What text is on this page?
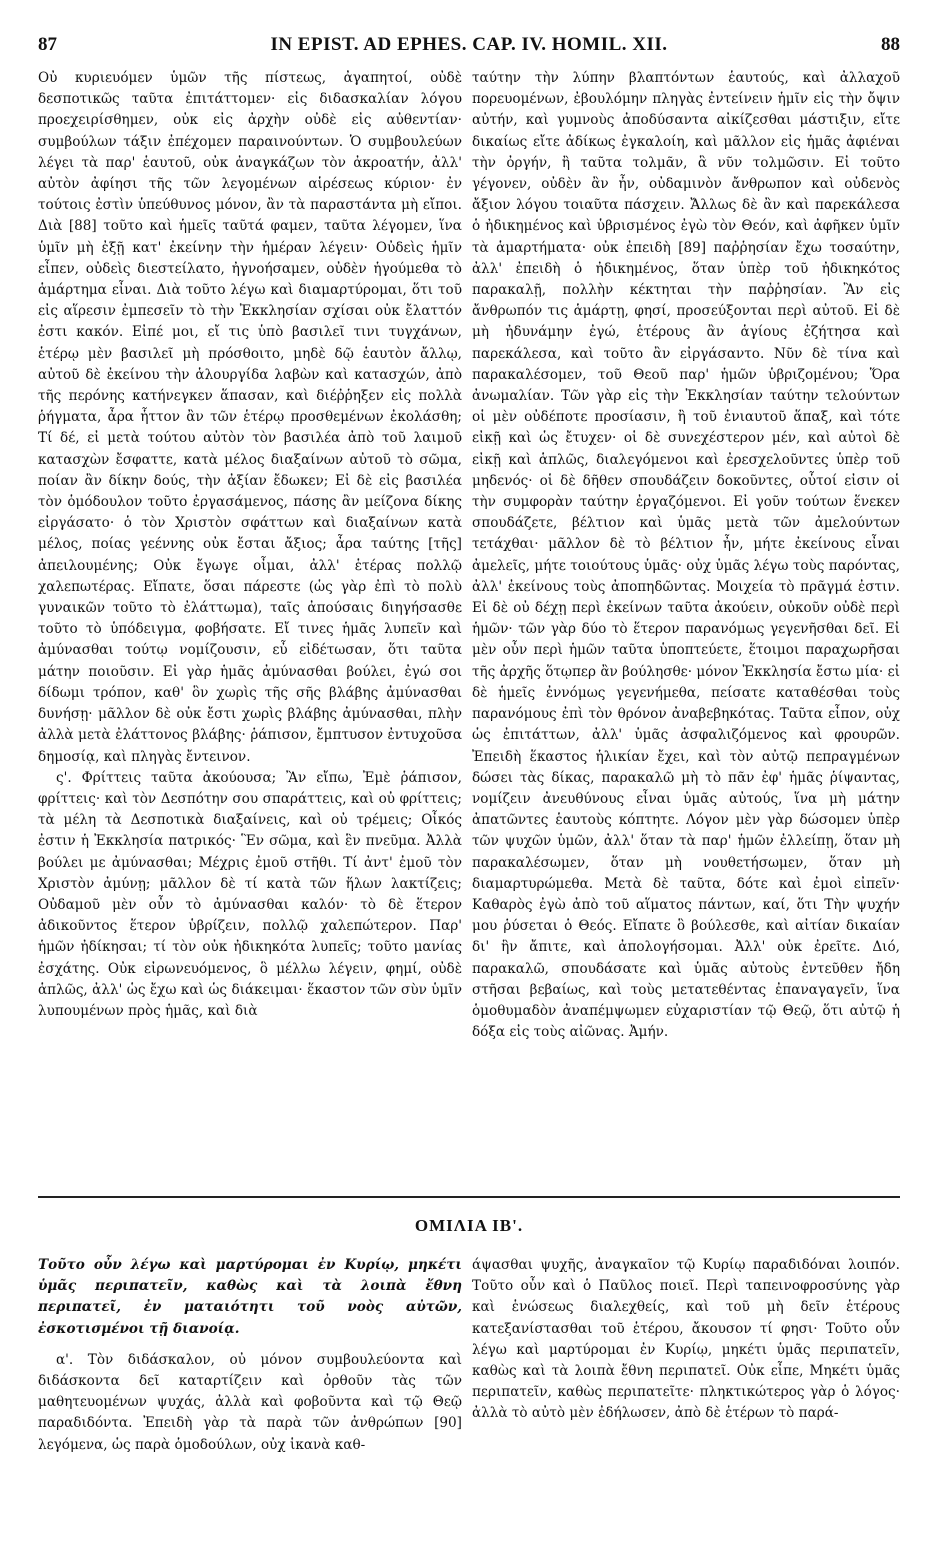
87	IN EPIST. AD EPHES. CAP. IV. HOMIL. XII.	88

Οὐ κυριευόμεν ὑμῶν τῆς πίστεως, ἀγαπητοί, οὐδὲ δεσποτικῶς ταῦτα ἐπιτάττομεν· εἰς διδασκαλίαν λόγου προεχειρίσθημεν, οὐκ εἰς ἀρχὴν οὐδὲ εἰς αὐθεντίαν· συμβούλων τάξιν ἐπέχομεν παραινούντων. Ὁ συμβουλεύων λέγει τὰ παρ' ἑαυτοῦ, οὐκ ἀναγκάζων τὸν ἀκροατήν, ἀλλ' αὐτὸν ἀφίησι τῆς τῶν λεγομένων αἱρέσεως κύριον· ἐν τούτοις ἐστὶν ὑπεύθυνος μόνον, ἂν τὰ παραστάντα μὴ εἴποι. Διὰ [88] τοῦτο καὶ ἡμεῖς ταῦτά φαμεν, ταῦτα λέγομεν, ἵνα ὑμῖν μὴ ἐξῇ κατ' ἐκείνην τὴν ἡμέραν λέγειν· Οὐδεὶς ἡμῖν εἶπεν, οὐδεὶς διεστείλατο, ἠγνοήσαμεν, οὐδὲν ἡγούμεθα τὸ ἁμάρτημα εἶναι. Διὰ τοῦτο λέγω καὶ διαμαρτύρομαι, ὅτι τοῦ εἰς αἵρεσιν ἐμπεσεῖν τὸ τὴν Ἐκκλησίαν σχίσαι οὐκ ἔλαττόν ἐστι κακόν. Εἰπέ μοι, εἴ τις ὑπὸ βασιλεῖ τινι τυγχάνων, ἑτέρῳ μὲν βασιλεῖ μὴ πρόσθοιτο, μηδὲ δῷ ἑαυτὸν ἄλλῳ, αὐτοῦ δὲ ἐκείνου τὴν ἁλουργίδα λαβὼν καὶ κατασχών, ἀπὸ τῆς περόνης κατήνεγκεν ἅπασαν, καὶ διέῤῥηξεν εἰς πολλὰ ῥήγματα, ἆρα ἧττον ἂν τῶν ἑτέρῳ προσθεμένων ἐκολάσθη; Τί δέ, εἰ μετὰ τούτου αὐτὸν τὸν βασιλέα ἀπὸ τοῦ λαιμοῦ κατασχὼν ἔσφαττε, κατὰ μέλος διαξαίνων αὐτοῦ τὸ σῶμα, ποίαν ἂν δίκην δούς, τὴν ἀξίαν ἔδωκεν; Εἰ δὲ εἰς βασιλέα τὸν ὁμόδουλον τοῦτο ἐργασάμενος, πάσης ἂν μείζονα δίκης εἰργάσατο· ὁ τὸν Χριστὸν σφάττων καὶ διαξαίνων κατὰ μέλος, ποίας γεέννης οὐκ ἔσται ἄξιος; ἆρα ταύτης [τῆς] ἀπειλουμένης; Οὐκ ἔγωγε οἶμαι, ἀλλ' ἑτέρας πολλῷ χαλεπωτέρας. Εἴπατε, ὅσαι πάρεστε (ὡς γὰρ ἐπὶ τὸ πολὺ γυναικῶν τοῦτο τὸ ἐλάττωμα), ταῖς ἀπούσαις διηγήσασθε τοῦτο τὸ ὑπόδειγμα, φοβήσατε. Εἴ τινες ἡμᾶς λυπεῖν καὶ ἀμύνασθαι τούτῳ νομίζουσιν, εὖ εἰδέτωσαν, ὅτι ταῦτα μάτην ποιοῦσιν. Εἰ γὰρ ἡμᾶς ἀμύνασθαι βούλει, ἐγώ σοι δίδωμι τρόπον, καθ' ὃν χωρὶς τῆς σῆς βλάβης ἀμύνασθαι δυνήσῃ· μᾶλλον δὲ οὐκ ἔστι χωρὶς βλάβης ἀμύνασθαι, πλὴν ἀλλὰ μετὰ ἐλάττονος βλάβης· ῥάπισον, ἔμπτυσον ἐντυχοῦσα δημοσίᾳ, καὶ πληγὰς ἔντεινον.

ς'. Φρίττεις ταῦτα ἀκούουσα; Ἂν εἴπω, Ἐμὲ ῥάπισον, φρίττεις· καὶ τὸν Δεσπότην σου σπαράττεις, καὶ οὐ φρίττεις; τὰ μέλη τὰ Δεσποτικὰ διαξαίνεις, καὶ οὐ τρέμεις; Οἶκός ἐστιν ἡ Ἐκκλησία πατρικός· Ἓν σῶμα, καὶ ἓν πνεῦμα. Ἀλλὰ βούλει με ἀμύνασθαι; Μέχρις ἐμοῦ στῆθι. Τί ἀντ' ἐμοῦ τὸν Χριστὸν ἀμύνῃ; μᾶλλον δὲ τί κατὰ τῶν ἥλων λακτίζεις; Οὐδαμοῦ μὲν οὖν τὸ ἀμύνασθαι καλόν· τὸ δὲ ἕτερον ἀδικοῦντος ἕτερον ὑβρίζειν, πολλῷ χαλεπώτερον. Παρ' ἡμῶν ἠδίκησαι; τί τὸν οὐκ ἠδικηκότα λυπεῖς; τοῦτο μανίας ἐσχάτης. Οὐκ εἰρωνευόμενος, ὃ μέλλω λέγειν, φημί, οὐδὲ ἁπλῶς, ἀλλ' ὡς ἔχω καὶ ὡς διάκειμαι· ἕκαστον τῶν σὺν ὑμῖν λυπουμένων πρὸς ἡμᾶς, καὶ διὰ

ταύτην τὴν λύπην βλαπτόντων ἑαυτούς, καὶ ἀλλαχοῦ πορευομένων, ἐβουλόμην πληγὰς ἐντείνειν ἡμῖν εἰς τὴν ὄψιν αὐτήν, καὶ γυμνοὺς ἀποδύσαντα αἰκίζεσθαι μάστιξιν, εἴτε δικαίως εἴτε ἀδίκως ἐγκαλοίη, καὶ μᾶλλον εἰς ἡμᾶς ἀφιέναι τὴν ὀργήν, ἢ ταῦτα τολμᾶν, ἃ νῦν τολμῶσιν. Εἰ τοῦτο γέγονεν, οὐδὲν ἂν ἦν, οὐδαμινὸν ἄνθρωπον καὶ οὐδενὸς ἄξιον λόγου τοιαῦτα πάσχειν. Ἄλλως δὲ ἂν καὶ παρεκάλεσα ὁ ἠδικημένος καὶ ὑβρισμένος ἐγὼ τὸν Θεόν, καὶ ἀφῆκεν ὑμῖν τὰ ἁμαρτήματα· οὐκ ἐπειδὴ [89] παῤῥησίαν ἔχω τοσαύτην, ἀλλ' ἐπειδὴ ὁ ἠδικημένος, ὅταν ὑπὲρ τοῦ ἠδικηκότος παρακαλῇ, πολλὴν κέκτηται τὴν παῤῥησίαν. Ἂν εἰς ἄνθρωπόν τις ἁμάρτῃ, φησί, προσεύξονται περὶ αὐτοῦ. Εἰ δὲ μὴ ἠδυνάμην ἐγώ, ἑτέρους ἂν ἁγίους ἐζήτησα καὶ παρεκάλεσα, καὶ τοῦτο ἂν εἰργάσαντο. Νῦν δὲ τίνα καὶ παρακαλέσομεν, τοῦ Θεοῦ παρ' ἡμῶν ὑβριζομένου; Ὅρα ἀνωμαλίαν. Τῶν γὰρ εἰς τὴν Ἐκκλησίαν ταύτην τελούντων οἱ μὲν οὐδέποτε προσίασιν, ἢ τοῦ ἐνιαυτοῦ ἅπαξ, καὶ τότε εἰκῇ καὶ ὡς ἔτυχεν· οἱ δὲ συνεχέστερον μέν, καὶ αὐτοὶ δὲ εἰκῇ καὶ ἁπλῶς, διαλεγόμενοι καὶ ἐρεσχελοῦντες ὑπὲρ τοῦ μηδενός· οἱ δὲ δῆθεν σπουδάζειν δοκοῦντες, οὗτοί εἰσιν οἱ τὴν συμφορὰν ταύτην ἐργαζόμενοι. Εἰ γοῦν τούτων ἕνεκεν σπουδάζετε, βέλτιον καὶ ὑμᾶς μετὰ τῶν ἀμελούντων τετάχθαι· μᾶλλον δὲ τὸ βέλτιον ἦν, μήτε ἐκείνους εἶναι ἀμελεῖς, μήτε τοιούτους ὑμᾶς· οὐχ ὑμᾶς λέγω τοὺς παρόντας, ἀλλ' ἐκείνους τοὺς ἀποπηδῶντας. Μοιχεία τὸ πρᾶγμά ἐστιν. Εἰ δὲ οὐ δέχῃ περὶ ἐκείνων ταῦτα ἀκούειν, οὐκοῦν οὐδὲ περὶ ἡμῶν· τῶν γὰρ δύο τὸ ἕτερον παρανόμως γεγενῆσθαι δεῖ. Εἰ μὲν οὖν περὶ ἡμῶν ταῦτα ὑποπτεύετε, ἕτοιμοι παραχωρῆσαι τῆς ἀρχῆς ὅτῳπερ ἂν βούλησθε· μόνον Ἐκκλησία ἔστω μία· εἰ δὲ ἡμεῖς ἐννόμως γεγενήμεθα, πείσατε καταθέσθαι τοὺς παρανόμους ἐπὶ τὸν θρόνον ἀναβεβηκότας. Ταῦτα εἶπον, οὐχ ὡς ἐπιτάττων, ἀλλ' ὑμᾶς ἀσφαλιζόμενος καὶ φρουρῶν. Ἐπειδὴ ἕκαστος ἡλικίαν ἔχει, καὶ τὸν αὐτῷ πεπραγμένων δώσει τὰς δίκας, παρακαλῶ μὴ τὸ πᾶν ἐφ' ἡμᾶς ῥίψαντας, νομίζειν ἀνευθύνους εἶναι ὑμᾶς αὐτούς, ἵνα μὴ μάτην ἀπατῶντες ἑαυτοὺς κόπτητε. Λόγον μὲν γὰρ δώσομεν ὑπὲρ τῶν ψυχῶν ὑμῶν, ἀλλ' ὅταν τὰ παρ' ἡμῶν ἐλλείπῃ, ὅταν μὴ παρακαλέσωμεν, ὅταν μὴ νουθετήσωμεν, ὅταν μὴ διαμαρτυρώμεθα. Μετὰ δὲ ταῦτα, δότε καὶ ἐμοὶ εἰπεῖν· Καθαρὸς ἐγὼ ἀπὸ τοῦ αἵματος πάντων, καί, ὅτι Τὴν ψυχήν μου ῥύσεται ὁ Θεός. Εἴπατε ὃ βούλεσθε, καὶ αἰτίαν δικαίαν δι' ἣν ἄπιτε, καὶ ἀπολογήσομαι. Ἀλλ' οὐκ ἐρεῖτε. Διό, παρακαλῶ, σπουδάσατε καὶ ὑμᾶς αὐτοὺς ἐντεῦθεν ἤδη στῆσαι βεβαίως, καὶ τοὺς μετατεθέντας ἐπαναγαγεῖν, ἵνα ὁμοθυμαδὸν ἀναπέμψωμεν εὐχαριστίαν τῷ Θεῷ, ὅτι αὐτῷ ἡ δόξα εἰς τοὺς αἰῶνας. Ἀμήν.

ΟΜΙΛΙΑ ΙΒ'.

Τοῦτο οὖν λέγω καὶ μαρτύρομαι ἐν Κυρίῳ, μηκέτι ὑμᾶς περιπατεῖν, καθὼς καὶ τὰ λοιπὰ ἔθνη περιπατεῖ, ἐν ματαιότητι τοῦ νοὸς αὐτῶν, ἐσκοτισμένοι τῇ διανοίᾳ.

α'. Τὸν διδάσκαλον, οὐ μόνον συμβουλεύοντα καὶ διδάσκοντα δεῖ καταρτίζειν καὶ ὀρθοῦν τὰς τῶν μαθητευομένων ψυχάς, ἀλλὰ καὶ φοβοῦντα καὶ τῷ Θεῷ παραδιδόντα. Ἐπειδὴ γὰρ τὰ παρὰ τῶν ἀνθρώπων [90] λεγόμενα, ὡς παρὰ ὁμοδούλων, οὐχ ἱκανὰ καθ-

άψασθαι ψυχῆς, ἀναγκαῖον τῷ Κυρίῳ παραδιδόναι λοιπόν. Τοῦτο οὖν καὶ ὁ Παῦλος ποιεῖ. Περὶ ταπεινοφροσύνης γὰρ καὶ ἑνώσεως διαλεχθείς, καὶ τοῦ μὴ δεῖν ἑτέρους κατεξανίστασθαι τοῦ ἑτέρου, ἄκουσον τί φησι· Τοῦτο οὖν λέγω καὶ μαρτύρομαι ἐν Κυρίῳ, μηκέτι ὑμᾶς περιπατεῖν, καθὼς καὶ τὰ λοιπὰ ἔθνη περιπατεῖ. Οὐκ εἶπε, Μηκέτι ὑμᾶς περιπατεῖν, καθὼς περιπατεῖτε· πληκτικώτερος γὰρ ὁ λόγος· ἀλλὰ τὸ αὐτὸ μὲν ἐδήλωσεν, ἀπὸ δὲ ἑτέρων τὸ παρά-
